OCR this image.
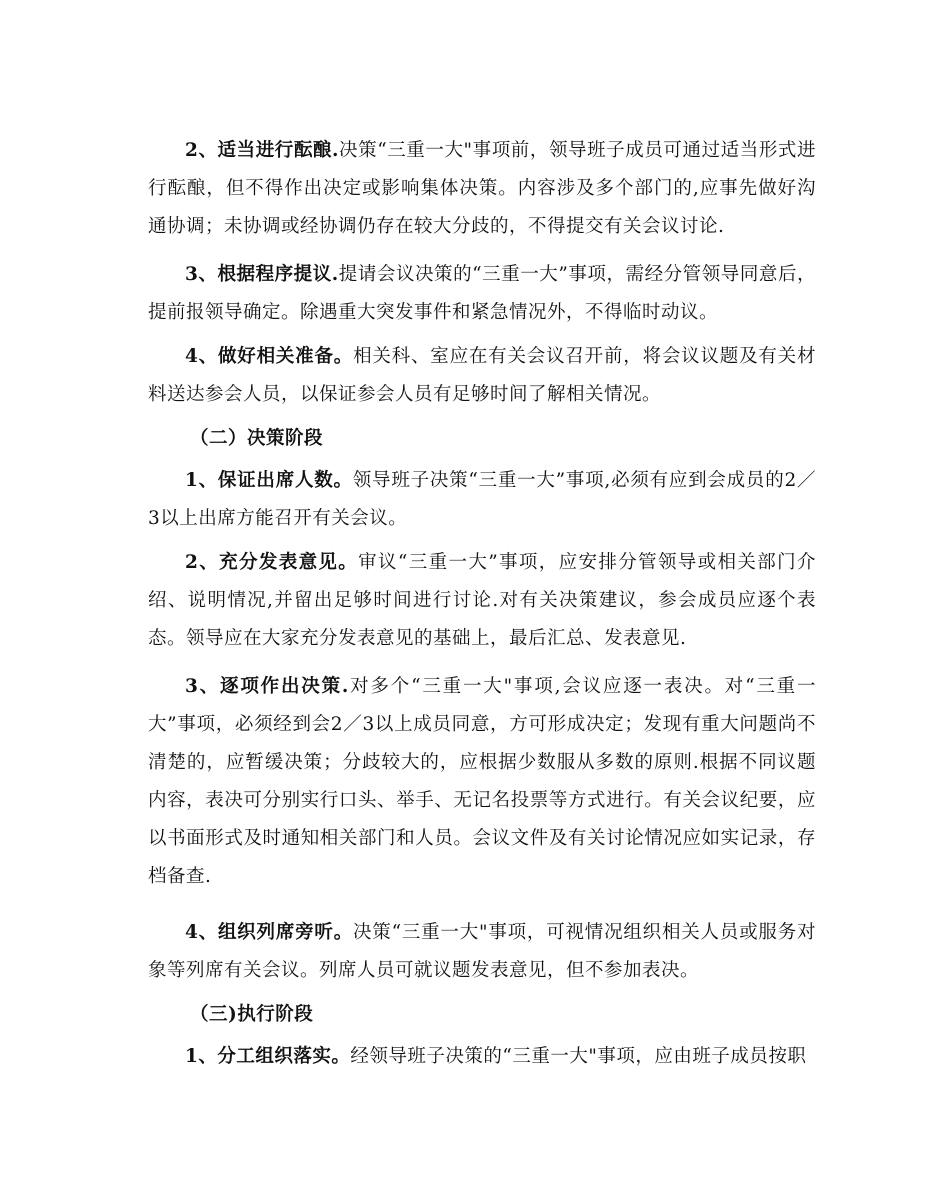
2、适当进行酝酿.决策“三重一大"事项前，领导班子成员可通过适当形式进行酝酿，但不得作出决定或影响集体决策。内容涉及多个部门的,应事先做好沟通协调；未协调或经协调仍存在较大分歧的，不得提交有关会议讨论.

3、根据程序提议.提请会议决策的“三重一大”事项，需经分管领导同意后，提前报领导确定。除遇重大突发事件和紧急情况外，不得临时动议。

4、做好相关准备。相关科、室应在有关会议召开前，将会议议题及有关材料送达参会人员，以保证参会人员有足够时间了解相关情况。

（二）决策阶段

1、保证出席人数。领导班子决策“三重一大”事项,必须有应到会成员的2／3以上出席方能召开有关会议。

2、充分发表意见。审议“三重一大”事项，应安排分管领导或相关部门介绍、说明情况,并留出足够时间进行讨论.对有关决策建议，参会成员应逐个表态。领导应在大家充分发表意见的基础上，最后汇总、发表意见.

3、逐项作出决策.对多个“三重一大"事项,会议应逐一表决。对“三重一大”事项，必须经到会2／3以上成员同意，方可形成决定；发现有重大问题尚不清楚的，应暂缓决策；分歧较大的，应根据少数服从多数的原则.根据不同议题内容，表决可分别实行口头、举手、无记名投票等方式进行。有关会议纪要，应以书面形式及时通知相关部门和人员。会议文件及有关讨论情况应如实记录，存档备查.

4、组织列席旁听。决策“三重一大"事项，可视情况组织相关人员或服务对象等列席有关会议。列席人员可就议题发表意见，但不参加表决。

（三)执行阶段

1、分工组织落实。经领导班子决策的“三重一大"事项，应由班子成员按职
